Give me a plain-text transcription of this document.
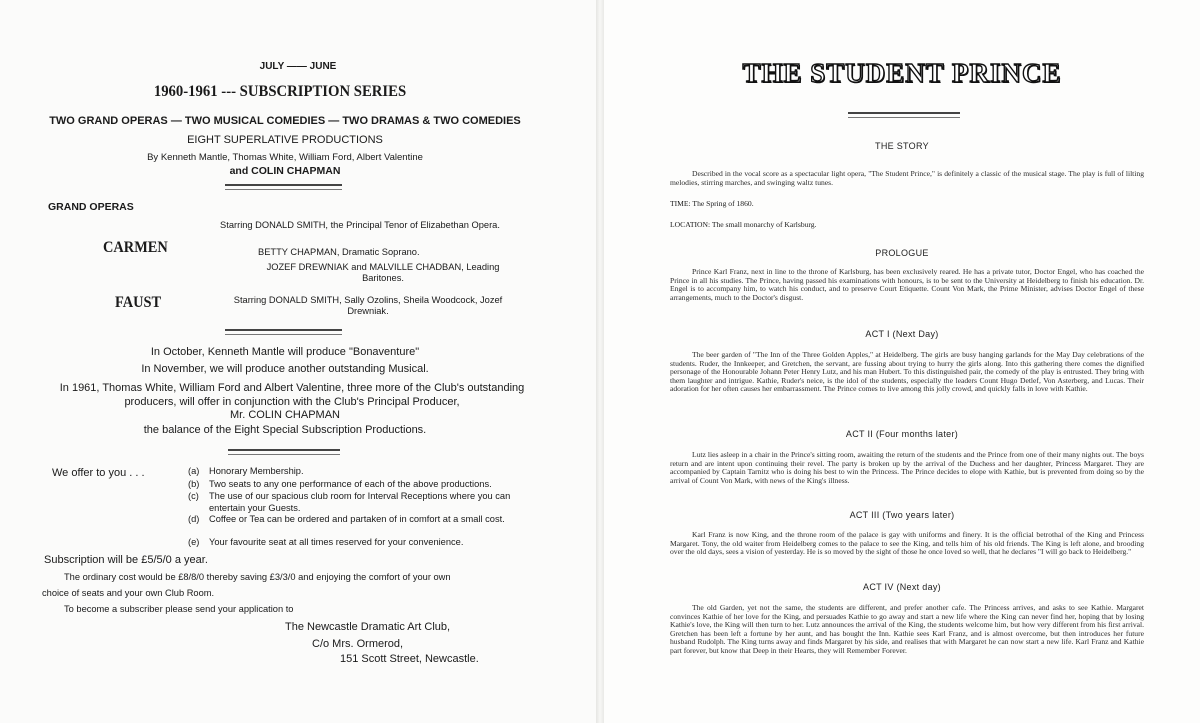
JULY —— JUNE
1960-1961 --- SUBSCRIPTION SERIES
TWO GRAND OPERAS — TWO MUSICAL COMEDIES — TWO DRAMAS & TWO COMEDIES
EIGHT SUPERLATIVE PRODUCTIONS
By Kenneth Mantle, Thomas White, William Ford, Albert Valentine
and COLIN CHAPMAN
GRAND OPERAS
Starring DONALD SMITH, the Principal Tenor of Elizabethan Opera.
CARMEN	BETTY CHAPMAN, Dramatic Soprano.
JOZEF DREWNIAK and MALVILLE CHADBAN, Leading Baritones.
FAUST	Starring DONALD SMITH, Sally Ozolins, Sheila Woodcock, Jozef Drewniak.
In October, Kenneth Mantle will produce "Bonaventure"
In November, we will produce another outstanding Musical.
In 1961, Thomas White, William Ford and Albert Valentine, three more of the Club's outstanding producers, will offer in conjunction with the Club's Principal Producer,
Mr. COLIN CHAPMAN
the balance of the Eight Special Subscription Productions.
We offer to you . . .	(a)	Honorary Membership.
(b)	Two seats to any one performance of each of the above productions.
(c)	The use of our spacious club room for Interval Receptions where you can entertain your Guests.
(d)	Coffee or Tea can be ordered and partaken of in comfort at a small cost.
(e)	Your favourite seat at all times reserved for your convenience.
Subscription will be £5/5/0 a year.
The ordinary cost would be £8/8/0 thereby saving £3/3/0 and enjoying the comfort of your own
choice of seats and your own Club Room.
To become a subscriber please send your application to
The Newcastle Dramatic Art Club,
C/o Mrs. Ormerod,
151 Scott Street, Newcastle.
THE STUDENT PRINCE
THE STORY
Described in the vocal score as a spectacular light opera, "The Student Prince," is definitely a classic of the musical stage. The play is full of lilting melodies, stirring marches, and swinging waltz tunes.
TIME: The Spring of 1860.
LOCATION: The small monarchy of Karlsburg.
PROLOGUE
Prince Karl Franz, next in line to the throne of Karlsburg, has been exclusively reared. He has a private tutor, Doctor Engel, who has coached the Prince in all his studies. The Prince, having passed his examinations with honours, is to be sent to the University at Heidelberg to finish his education. Dr. Engel is to accompany him, to watch his conduct, and to preserve Court Etiquette. Count Von Mark, the Prime Minister, advises Doctor Engel of these arrangements, much to the Doctor's disgust.
ACT I (Next Day)
The beer garden of "The Inn of the Three Golden Apples," at Heidelberg. The girls are busy hanging garlands for the May Day celebrations of the students. Ruder, the Innkeeper, and Gretchen, the servant, are fussing about trying to hurry the girls along. Into this gathering there comes the dignified personage of the Honourable Johann Peter Henry Lutz, and his man Hubert. To this distinguished pair, the comedy of the play is entrusted. They bring with them laughter and intrigue. Kathie, Ruder's neice, is the idol of the students, especially the leaders Count Hugo Detlef, Von Asterberg, and Lucas. Their adoration for her often causes her embarrassment. The Prince comes to live among this jolly crowd, and quickly falls in love with Kathie.
ACT II (Four months later)
Lutz lies asleep in a chair in the Prince's sitting room, awaiting the return of the students and the Prince from one of their many nights out. The boys return and are intent upon continuing their revel. The party is broken up by the arrival of the Duchess and her daughter, Princess Margaret. They are accompanied by Captain Tarnitz who is doing his best to win the Princess. The Prince decides to elope with Kathie, but is prevented from doing so by the arrival of Count Von Mark, with news of the King's illness.
ACT III (Two years later)
Karl Franz is now King, and the throne room of the palace is gay with uniforms and finery. It is the official betrothal of the King and Princess Margaret. Tony, the old waiter from Heidelberg comes to the palace to see the King, and tells him of his old friends. The King is left alone, and brooding over the old days, sees a vision of yesterday. He is so moved by the sight of those he once loved so well, that he declares "I will go back to Heidelberg."
ACT IV (Next day)
The old Garden, yet not the same, the students are different, and prefer another cafe. The Princess arrives, and asks to see Kathie. Margaret convinces Kathie of her love for the King, and persuades Kathie to go away and start a new life where the King can never find her, hoping that by losing Kathie's love, the King will then turn to her. Lutz announces the arrival of the King, the students welcome him, but how very different from his first arrival. Gretchen has been left a fortune by her aunt, and has bought the Inn. Kathie sees Karl Franz, and is almost overcome, but then introduces her future husband Rudolph. The King turns away and finds Margaret by his side, and realises that with Margaret he can now start a new life. Karl Franz and Kathie part forever, but know that Deep in their Hearts, they will Remember Forever.
